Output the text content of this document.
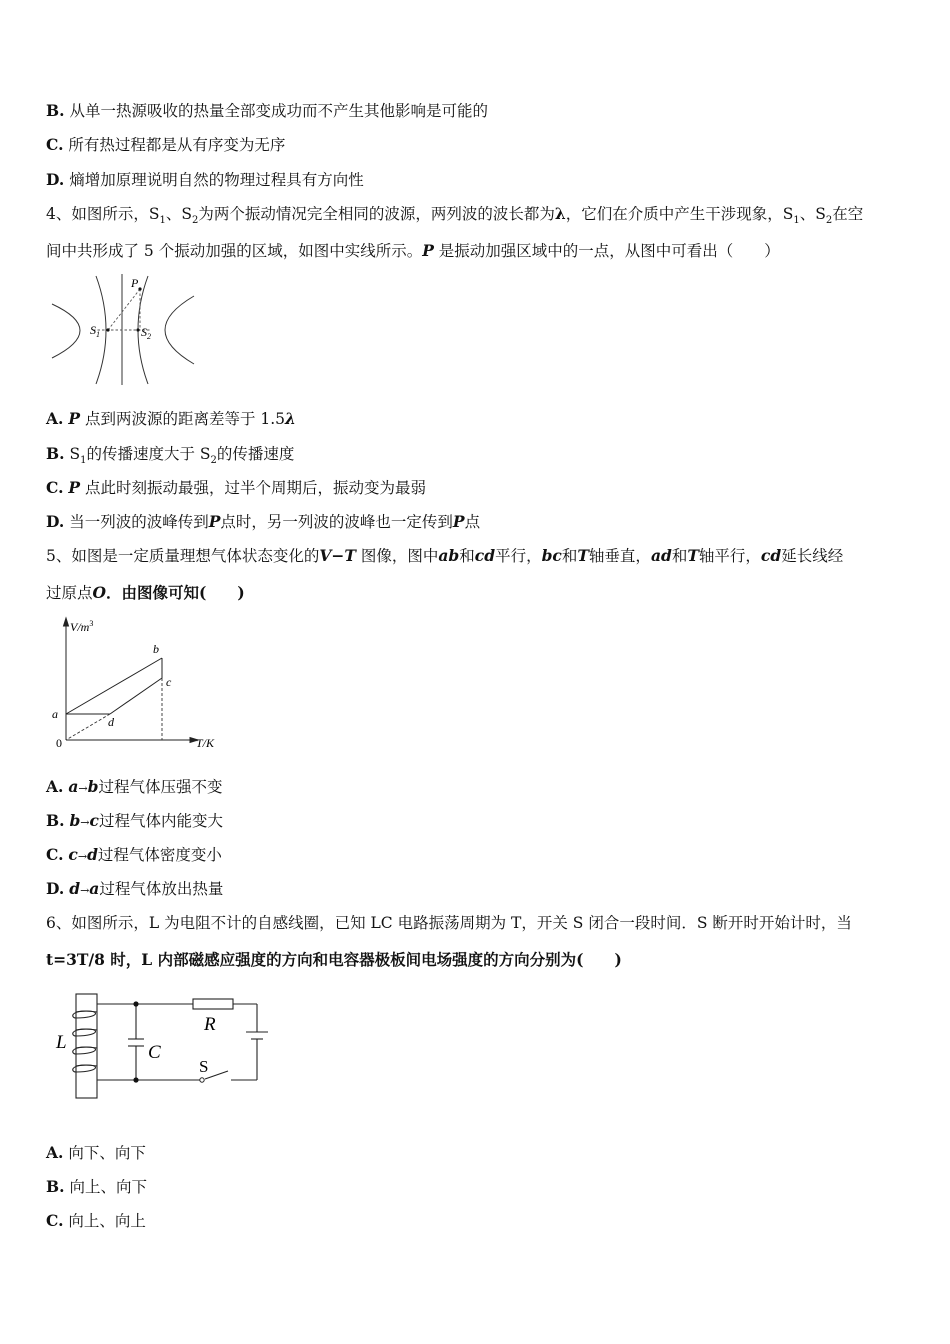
B. 从单一热源吸收的热量全部变成功而不产生其他影响是可能的
C. 所有热过程都是从有序变为无序
D. 熵增加原理说明自然的物理过程具有方向性
4、如图所示，$S_1$、$S_2$为两个振动情况完全相同的波源，两列波的波长都为λ，它们在介质中产生干涉现象，$S_1$、$S_2$在空
间中共形成了 5 个振动加强的区域，如图中实线所示。P 是振动加强区域中的一点，从图中可看出（　　）
P
$S_1$	$S_2$
A. P 点到两波源的距离差等于 1.5λ
B. $S_1$的传播速度大于 $S_2$的传播速度
C. P 点此时刻振动最强，过半个周期后，振动变为最弱
D. 当一列波的波峰传到P点时，另一列波的波峰也一定传到P点
5、如图是一定质量理想气体状态变化的V−T 图像，图中ab和cd平行，bc和T轴垂直，ad和T轴平行，cd延长线经
过原点O．由图像可知(　　)
$V/m^3$
T/K
0
a
b
c
d
A. a→b过程气体压强不变
B. b→c过程气体内能变大
C. c→d过程气体密度变小
D. d→a过程气体放出热量
6、如图所示，L 为电阻不计的自感线圈，已知 LC 电路振荡周期为 T，开关 S 闭合一段时间．S 断开时开始计时，当
t=3T/8 时，L 内部磁感应强度的方向和电容器极板间电场强度的方向分别为(　　)
L	C
R
S
A. 向下、向下
B. 向上、向下
C. 向上、向上
